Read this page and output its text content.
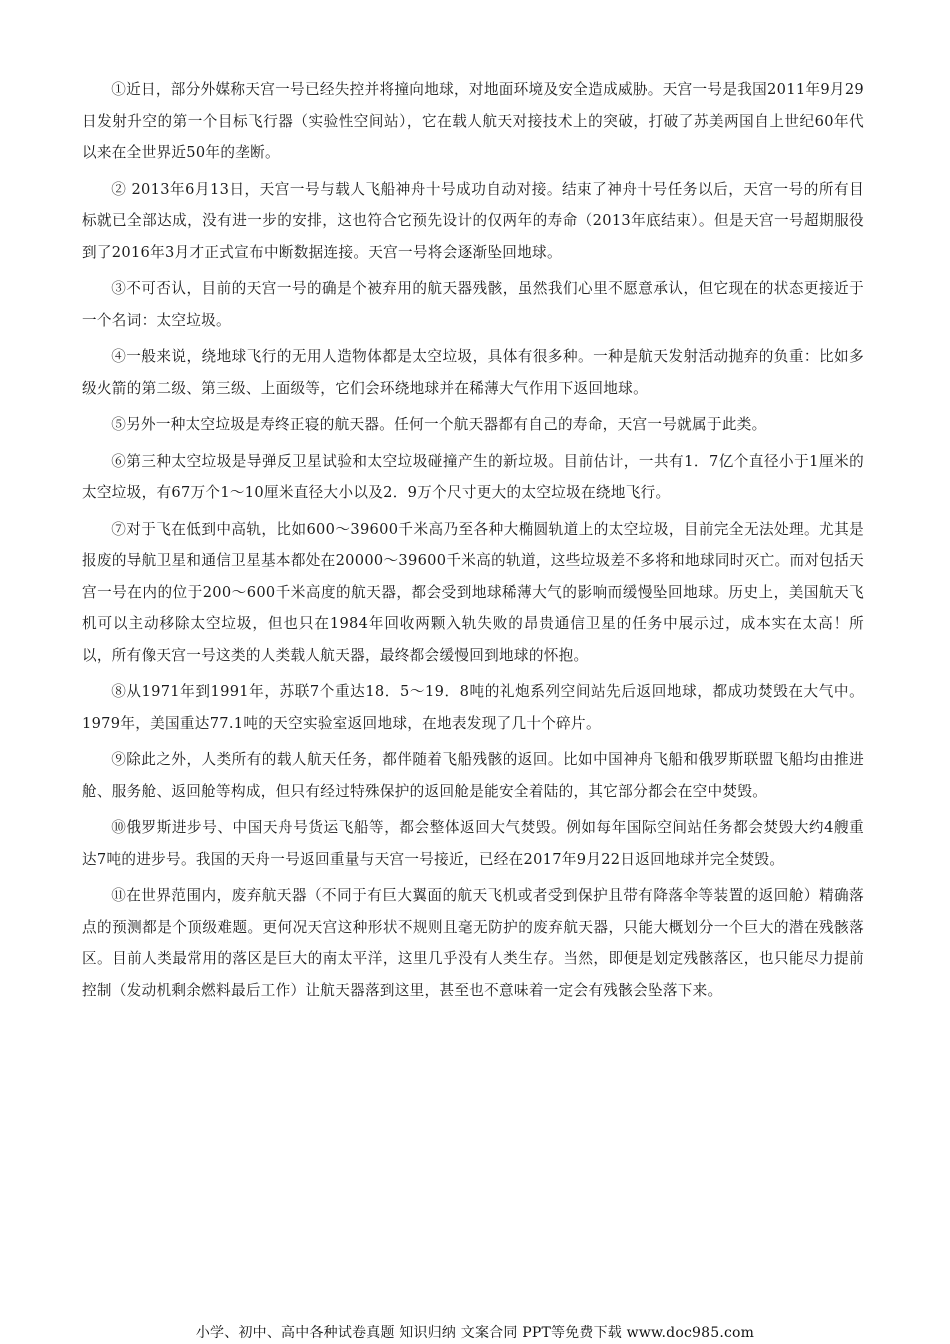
①近日，部分外媒称天宫一号已经失控并将撞向地球，对地面环境及安全造成威胁。天宫一号是我国2011年9月29日发射升空的第一个目标飞行器（实验性空间站），它在载人航天对接技术上的突破，打破了苏美两国自上世纪60年代以来在全世界近50年的垄断。

② 2013年6月13日，天宫一号与载人飞船神舟十号成功自动对接。结束了神舟十号任务以后，天宫一号的所有目标就已全部达成，没有进一步的安排，这也符合它预先设计的仅两年的寿命（2013年底结束）。但是天宫一号超期服役到了2016年3月才正式宣布中断数据连接。天宫一号将会逐渐坠回地球。

③不可否认，目前的天宫一号的确是个被弃用的航天器残骸，虽然我们心里不愿意承认，但它现在的状态更接近于一个名词：太空垃圾。

④一般来说，绕地球飞行的无用人造物体都是太空垃圾，具体有很多种。一种是航天发射活动抛弃的负重：比如多级火箭的第二级、第三级、上面级等，它们会环绕地球并在稀薄大气作用下返回地球。

⑤另外一种太空垃圾是寿终正寝的航天器。任何一个航天器都有自己的寿命，天宫一号就属于此类。

⑥第三种太空垃圾是导弹反卫星试验和太空垃圾碰撞产生的新垃圾。目前估计，一共有1．7亿个直径小于1厘米的太空垃圾，有67万个1～10厘米直径大小以及2．9万个尺寸更大的太空垃圾在绕地飞行。

⑦对于飞在低到中高轨，比如600～39600千米高乃至各种大椭圆轨道上的太空垃圾，目前完全无法处理。尤其是报废的导航卫星和通信卫星基本都处在20000～39600千米高的轨道，这些垃圾差不多将和地球同时灭亡。而对包括天宫一号在内的位于200～600千米高度的航天器，都会受到地球稀薄大气的影响而缓慢坠回地球。历史上，美国航天飞机可以主动移除太空垃圾，但也只在1984年回收两颗入轨失败的昂贵通信卫星的任务中展示过，成本实在太高！所以，所有像天宫一号这类的人类载人航天器，最终都会缓慢回到地球的怀抱。

⑧从1971年到1991年，苏联7个重达18．5～19．8吨的礼炮系列空间站先后返回地球，都成功焚毁在大气中。1979年，美国重达77.1吨的天空实验室返回地球，在地表发现了几十个碎片。

⑨除此之外，人类所有的载人航天任务，都伴随着飞船残骸的返回。比如中国神舟飞船和俄罗斯联盟飞船均由推进舱、服务舱、返回舱等构成，但只有经过特殊保护的返回舱是能安全着陆的，其它部分都会在空中焚毁。

⑩俄罗斯进步号、中国天舟号货运飞船等，都会整体返回大气焚毁。例如每年国际空间站任务都会焚毁大约4艘重达7吨的进步号。我国的天舟一号返回重量与天宫一号接近，已经在2017年9月22日返回地球并完全焚毁。

⑪在世界范围内，废弃航天器（不同于有巨大翼面的航天飞机或者受到保护且带有降落伞等装置的返回舱）精确落点的预测都是个顶级难题。更何况天宫这种形状不规则且毫无防护的废弃航天器，只能大概划分一个巨大的潜在残骸落区。目前人类最常用的落区是巨大的南太平洋，这里几乎没有人类生存。当然，即便是划定残骸落区，也只能尽力提前控制（发动机剩余燃料最后工作）让航天器落到这里，甚至也不意味着一定会有残骸会坠落下来。

小学、初中、高中各种试卷真题 知识归纳 文案合同 PPT等免费下载 www.doc985.com
